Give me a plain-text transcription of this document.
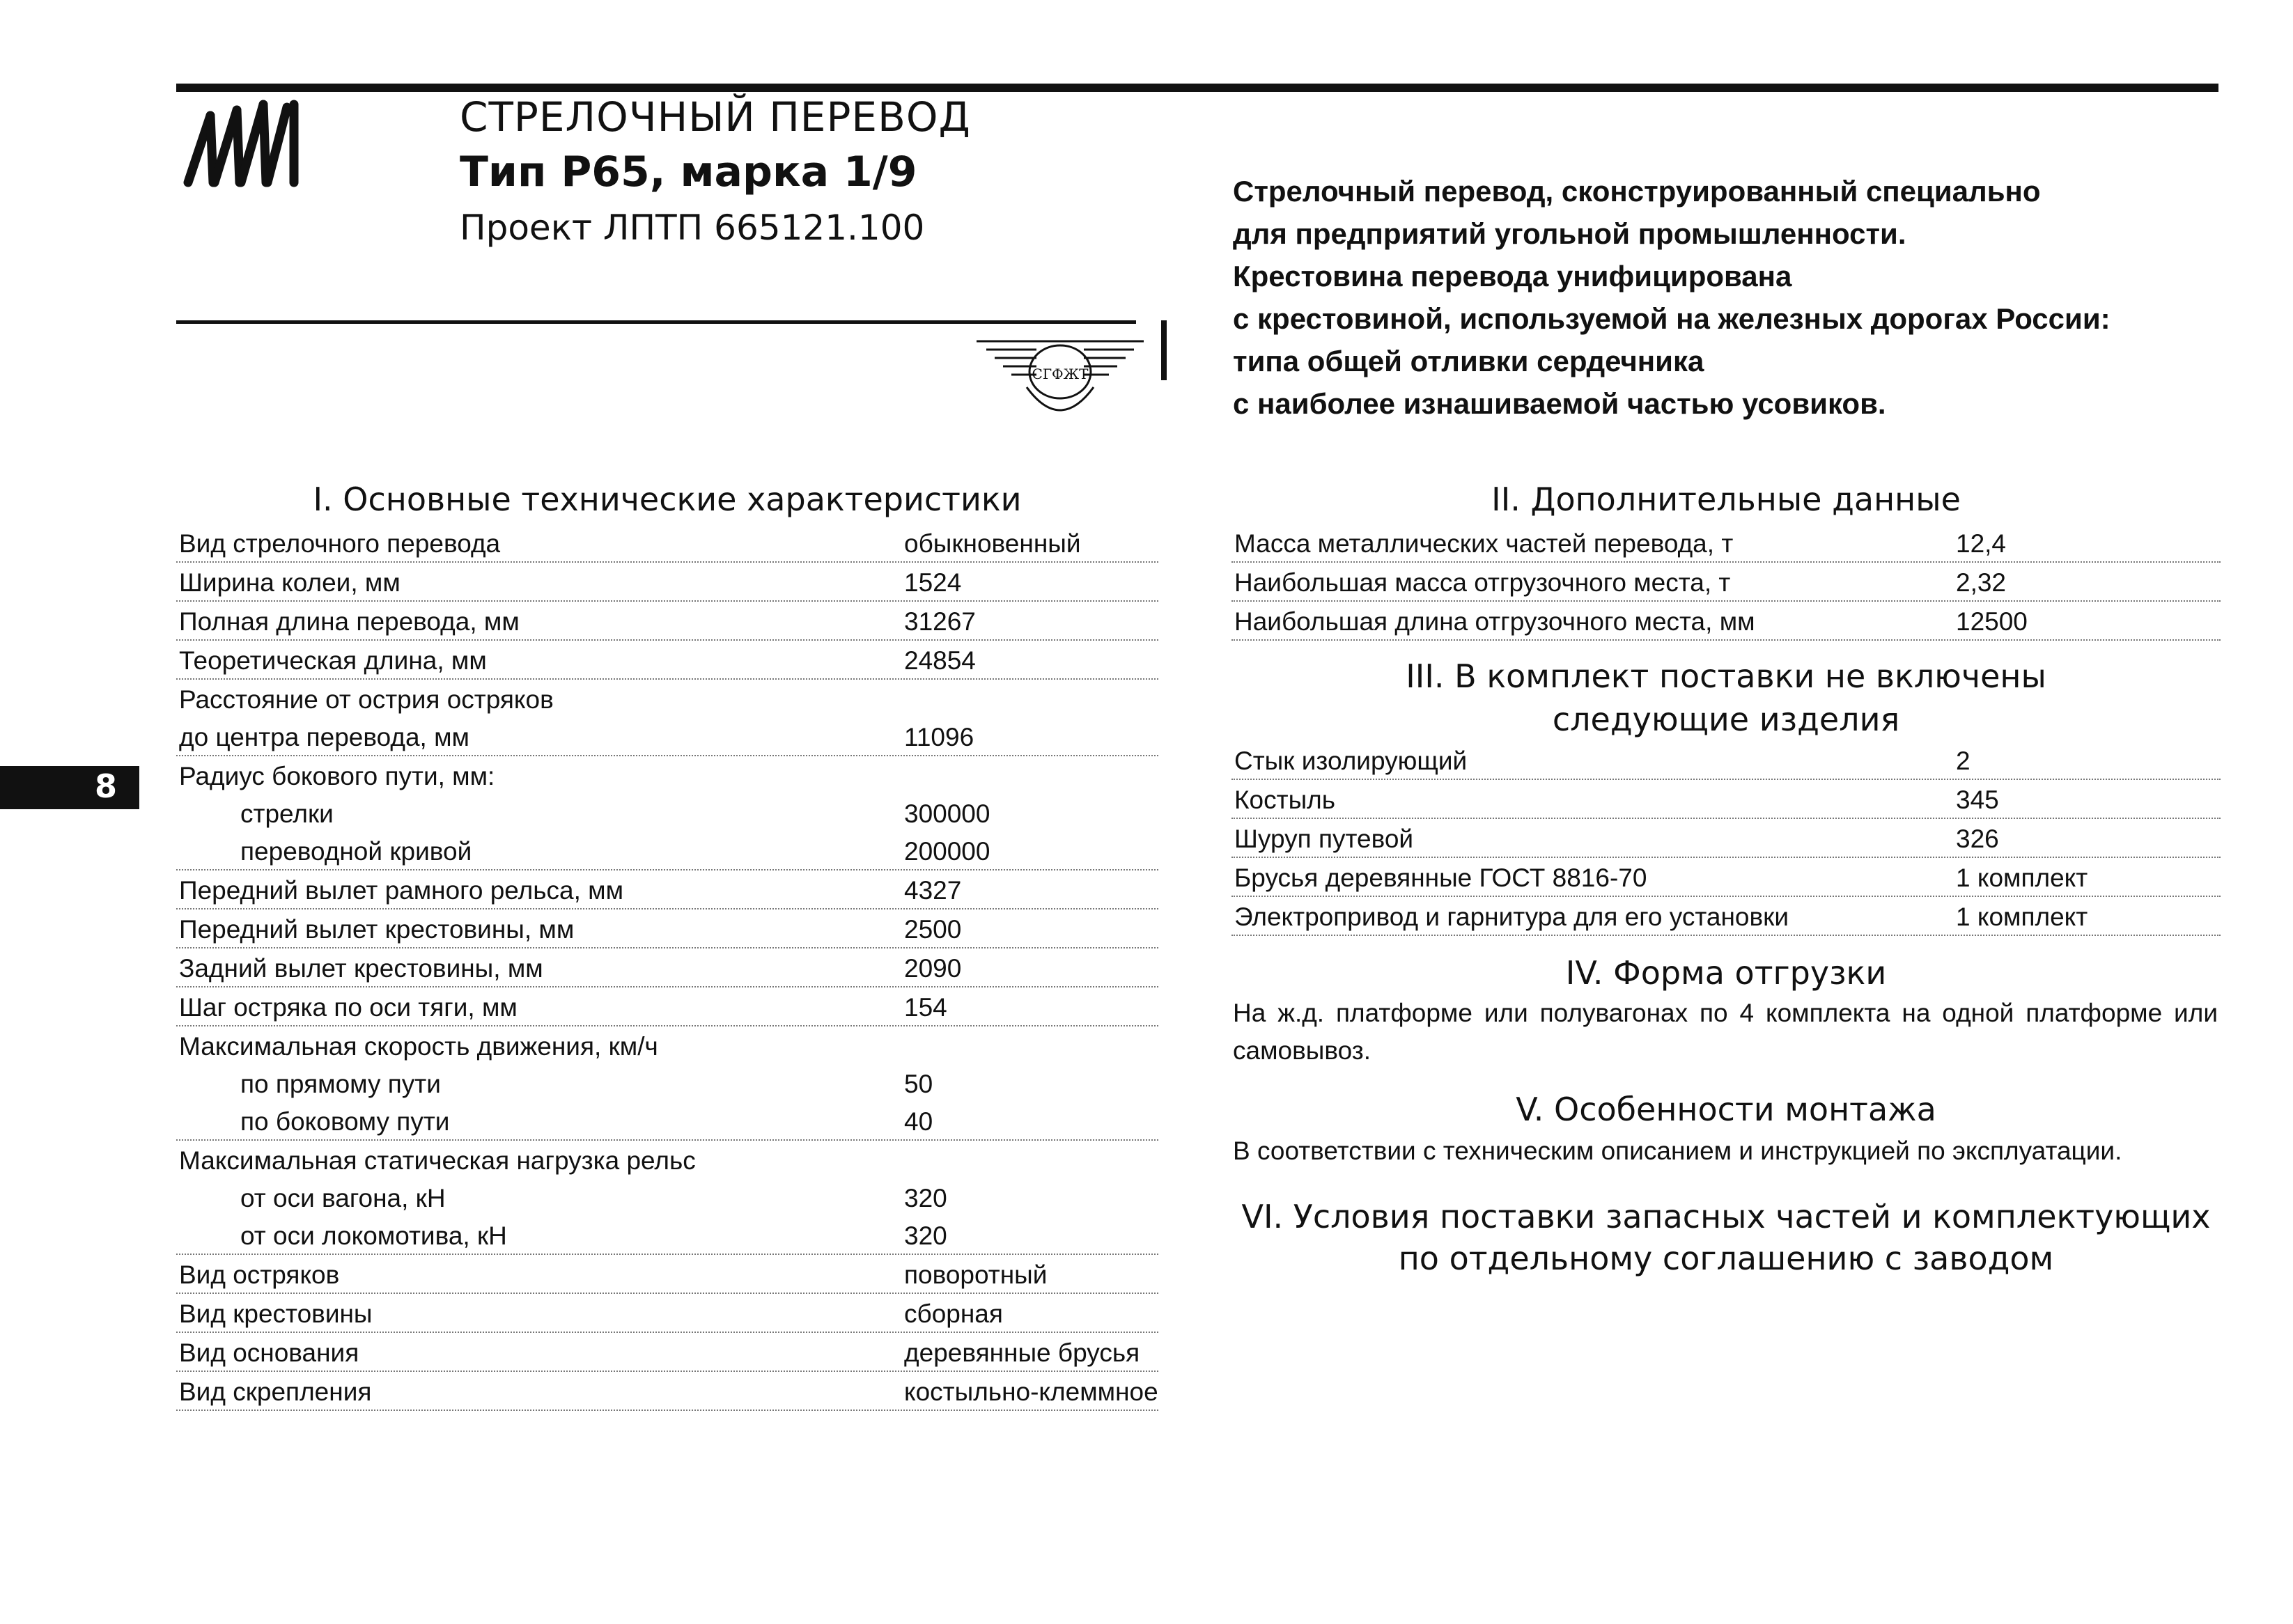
СТРЕЛОЧНЫЙ ПЕРЕВОД
Тип Р65, марка 1/9
Проект ЛПТП 665121.100
СГФЖТ
Стрелочный перевод, сконструированный специально
для предприятий угольной промышленности.
Крестовина перевода унифицирована
с крестовиной, используемой на железных дорогах России:
типа общей отливки сердечника
с наиболее изнашиваемой частью усовиков.
8
I. Основные технические характеристики
Вид стрелочного перевода	обыкновенный
Ширина колеи, мм	1524
Полная длина перевода, мм	31267
Теоретическая длина, мм	24854
Расстояние от острия остряков
до центра перевода, мм	11096
Радиус бокового пути, мм:
стрелки	300000
переводной кривой	200000
Передний вылет рамного рельса, мм	4327
Передний вылет крестовины, мм	2500
Задний вылет крестовины, мм	2090
Шаг остряка по оси тяги, мм	154
Максимальная скорость движения, км/ч
по прямому пути	50
по боковому пути	40
Максимальная статическая нагрузка рельс
от оси вагона, кН	320
от оси локомотива, кН	320
Вид остряков	поворотный
Вид крестовины	сборная
Вид основания	деревянные брусья
Вид скрепления	костыльно-клеммное
II. Дополнительные данные
Масса металлических частей перевода, т	12,4
Наибольшая масса отгрузочного места, т	2,32
Наибольшая длина отгрузочного места, мм	12500
III. В комплект поставки не включены
следующие изделия
Стык изолирующий	2
Костыль	345
Шуруп путевой	326
Брусья деревянные ГОСТ 8816-70	1 комплект
Электропривод и гарнитура для его установки	1 комплект
IV. Форма отгрузки
На ж.д. платформе или полувагонах по 4 комплекта на одной платформе или самовывоз.
V. Особенности монтажа
В соответствии с техническим описанием и инструкцией по эксплуатации.
VI. Условия поставки запасных частей и комплектующих
по отдельному соглашению с заводом
